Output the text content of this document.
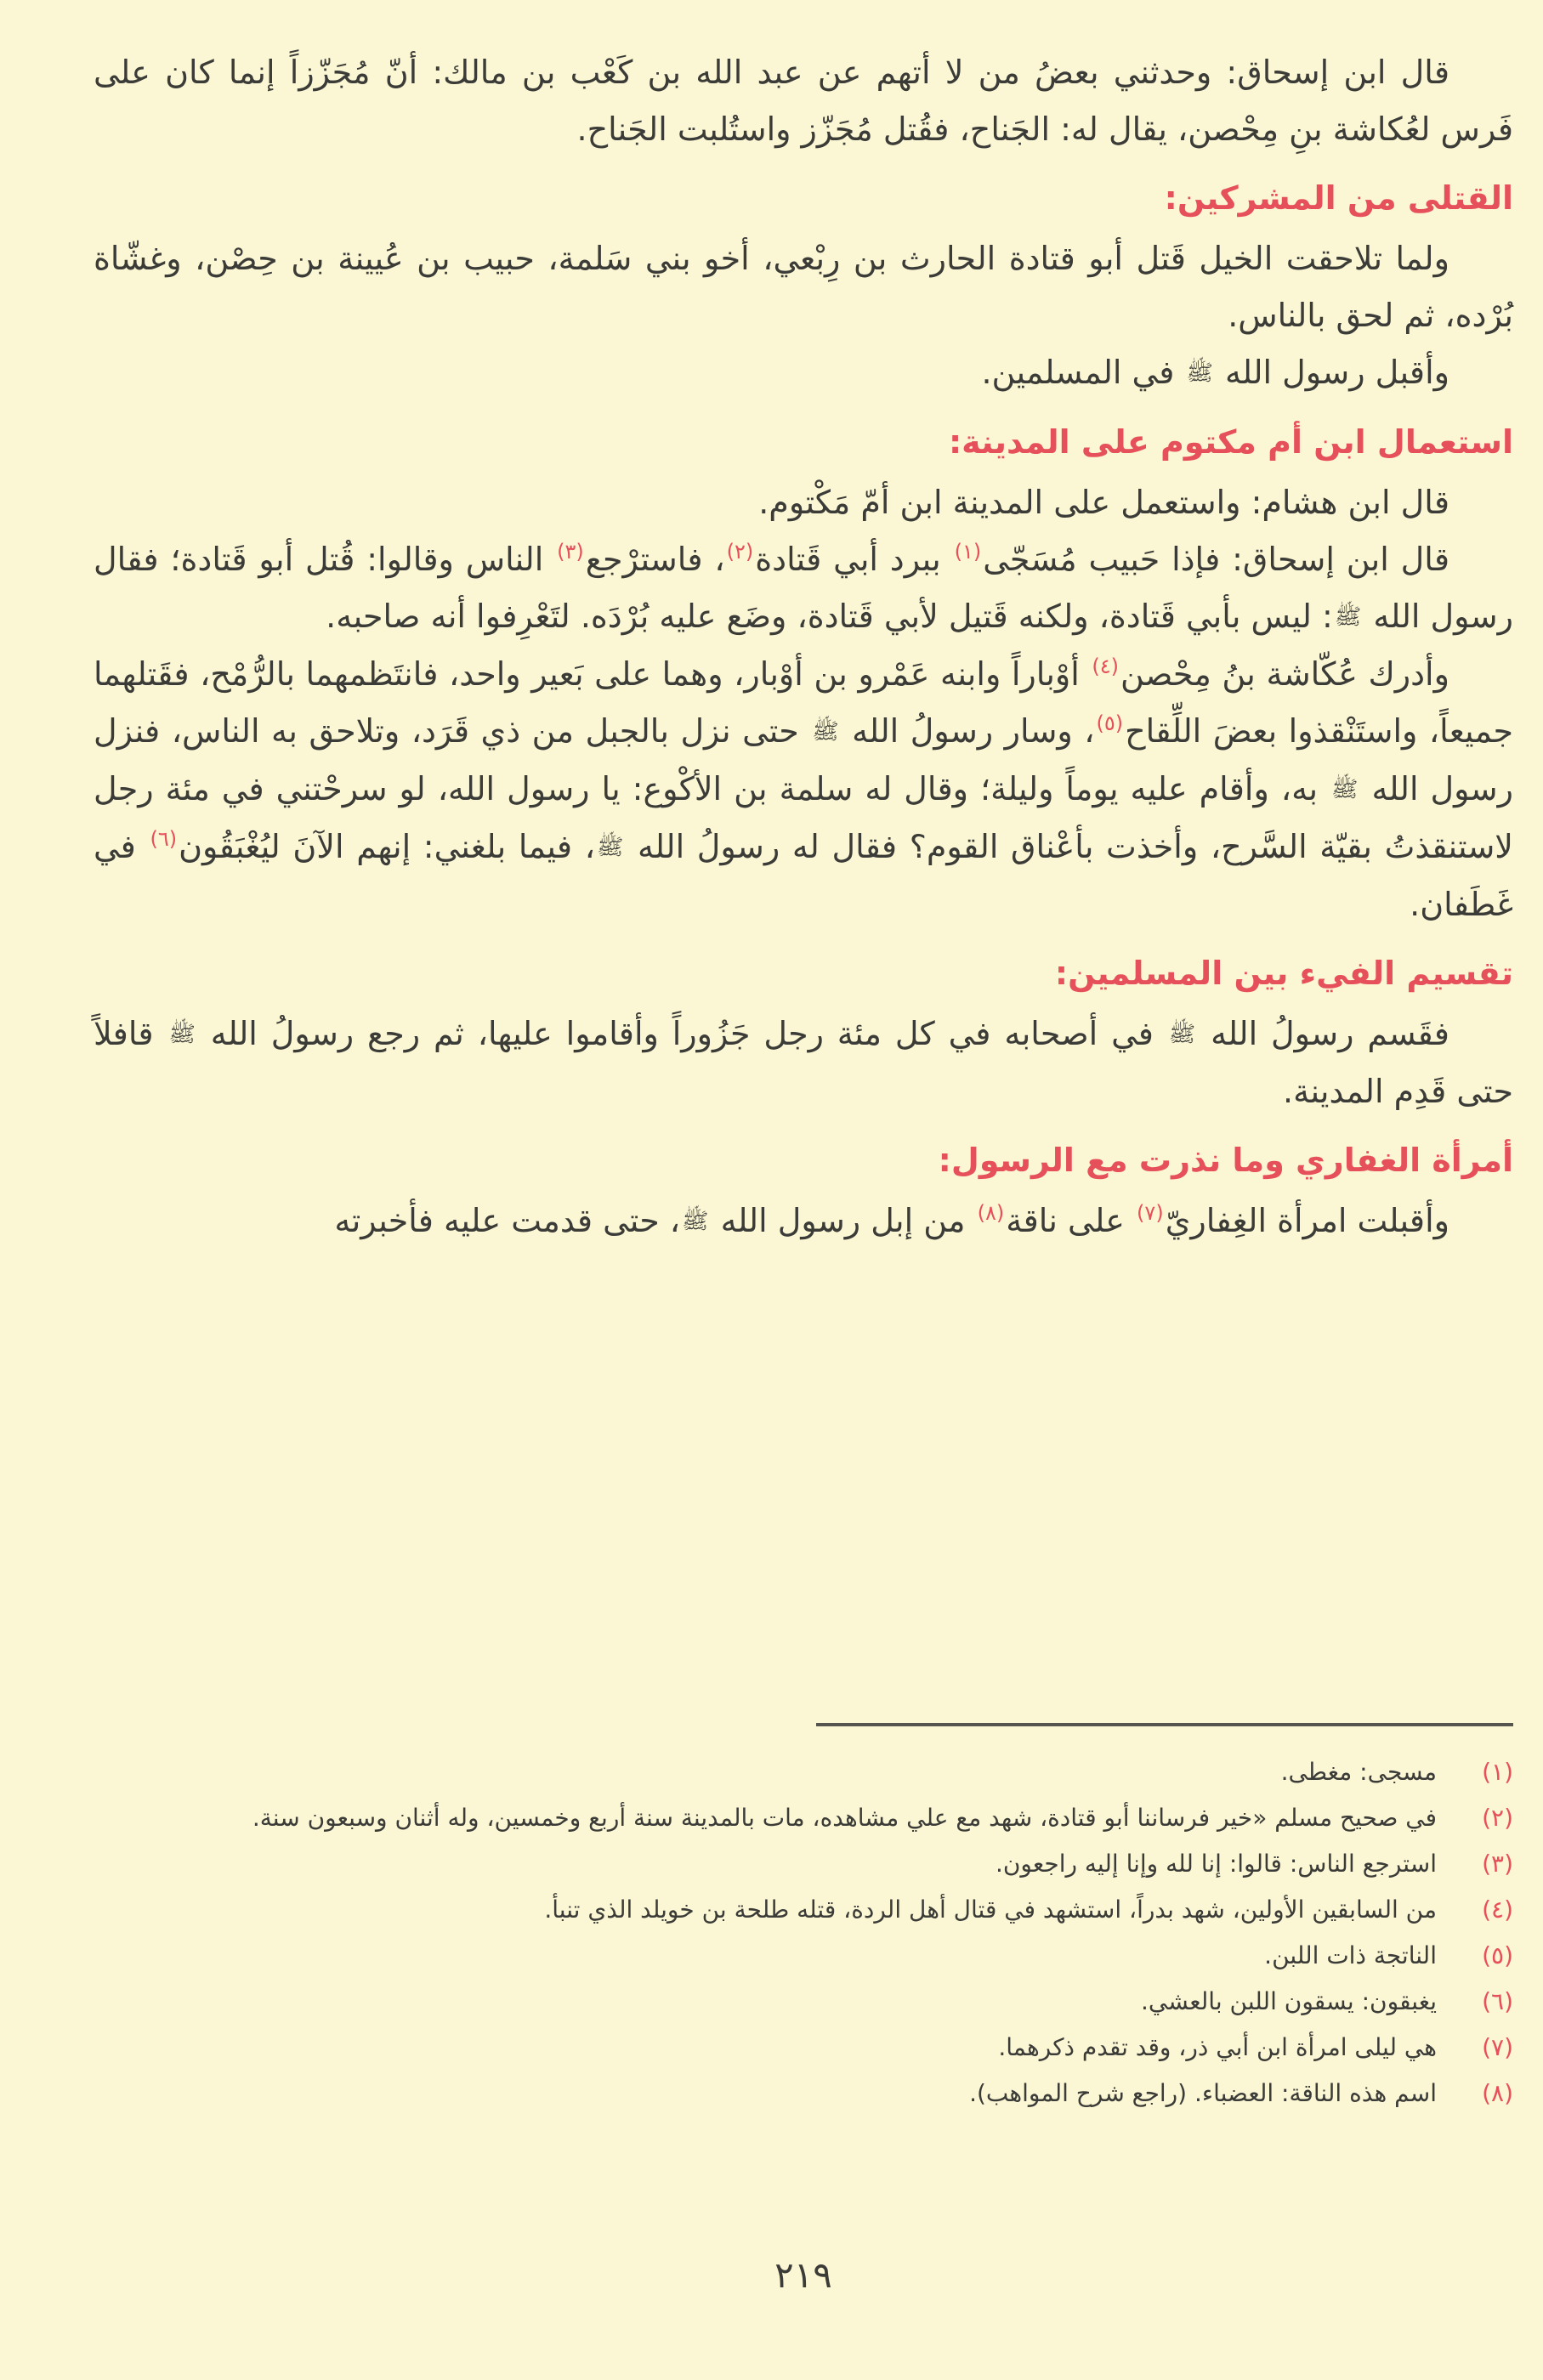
قال ابن إسحاق: وحدثني بعضُ من لا أتهم عن عبد الله بن كَعْب بن مالك: أنّ مُجَزّزاً إنما كان على فَرس لعُكاشة بنِ مِحْصن، يقال له: الجَناح، فقُتل مُجَزّز واستُلبت الجَناح.

القتلى من المشركين:

ولما تلاحقت الخيل قَتل أبو قتادة الحارث بن رِبْعي، أخو بني سَلمة، حبيب بن عُيينة بن حِصْن، وغشّاة بُرْده، ثم لحق بالناس.

وأقبل رسول الله ﷺ في المسلمين.

استعمال ابن أم مكتوم على المدينة:

قال ابن هشام: واستعمل على المدينة ابن أمّ مَكْتوم.

قال ابن إسحاق: فإذا حَبيب مُسَجّى$^{(١)}$ ببرد أبي قَتادة$^{(٢)}$، فاسترْجع$^{(٣)}$ الناس وقالوا: قُتل أبو قَتادة؛ فقال رسول الله ﷺ: ليس بأبي قَتادة، ولكنه قَتيل لأبي قَتادة، وضَع عليه بُرْدَه. لتَعْرِفوا أنه صاحبه.

وأدرك عُكّاشة بنُ مِحْصن$^{(٤)}$ أوْباراً وابنه عَمْرو بن أوْبار، وهما على بَعير واحد، فانتَظمهما بالرُّمْح، فقَتلهما جميعاً، واستَنْقذوا بعضَ اللِّقاح$^{(٥)}$، وسار رسولُ الله ﷺ حتى نزل بالجبل من ذي قَرَد، وتلاحق به الناس، فنزل رسول الله ﷺ به، وأقام عليه يوماً وليلة؛ وقال له سلمة بن الأكْوع: يا رسول الله، لو سرحْتني في مئة رجل لاستنقذتُ بقيّة السَّرح، وأخذت بأعْناق القوم؟ فقال له رسولُ الله ﷺ، فيما بلغني: إنهم الآنَ ليُغْبَقُون$^{(٦)}$ في غَطَفان.

تقسيم الفيء بين المسلمين:

فقَسم رسولُ الله ﷺ في أصحابه في كل مئة رجل جَزُوراً وأقاموا عليها، ثم رجع رسولُ الله ﷺ قافلاً حتى قَدِم المدينة.

أمرأة الغفاري وما نذرت مع الرسول:

وأقبلت امرأة الغِفاريّ$^{(٧)}$ على ناقة$^{(٨)}$ من إبل رسول الله ﷺ، حتى قدمت عليه فأخبرته

(١)
مسجى: مغطى.
(٢)
في صحيح مسلم «خير فرساننا أبو قتادة، شهد مع علي مشاهده، مات بالمدينة سنة أربع وخمسين، وله أثنان وسبعون سنة.
(٣)
استرجع الناس: قالوا: إنا لله وإنا إليه راجعون.
(٤)
من السابقين الأولين، شهد بدراً، استشهد في قتال أهل الردة، قتله طلحة بن خويلد الذي تنبأ.
(٥)
الناتجة ذات اللبن.
(٦)
يغبقون: يسقون اللبن بالعشي.
(٧)
هي ليلى امرأة ابن أبي ذر، وقد تقدم ذكرهما.
(٨)
اسم هذه الناقة: العضباء. (راجع شرح المواهب).
٢١٩
